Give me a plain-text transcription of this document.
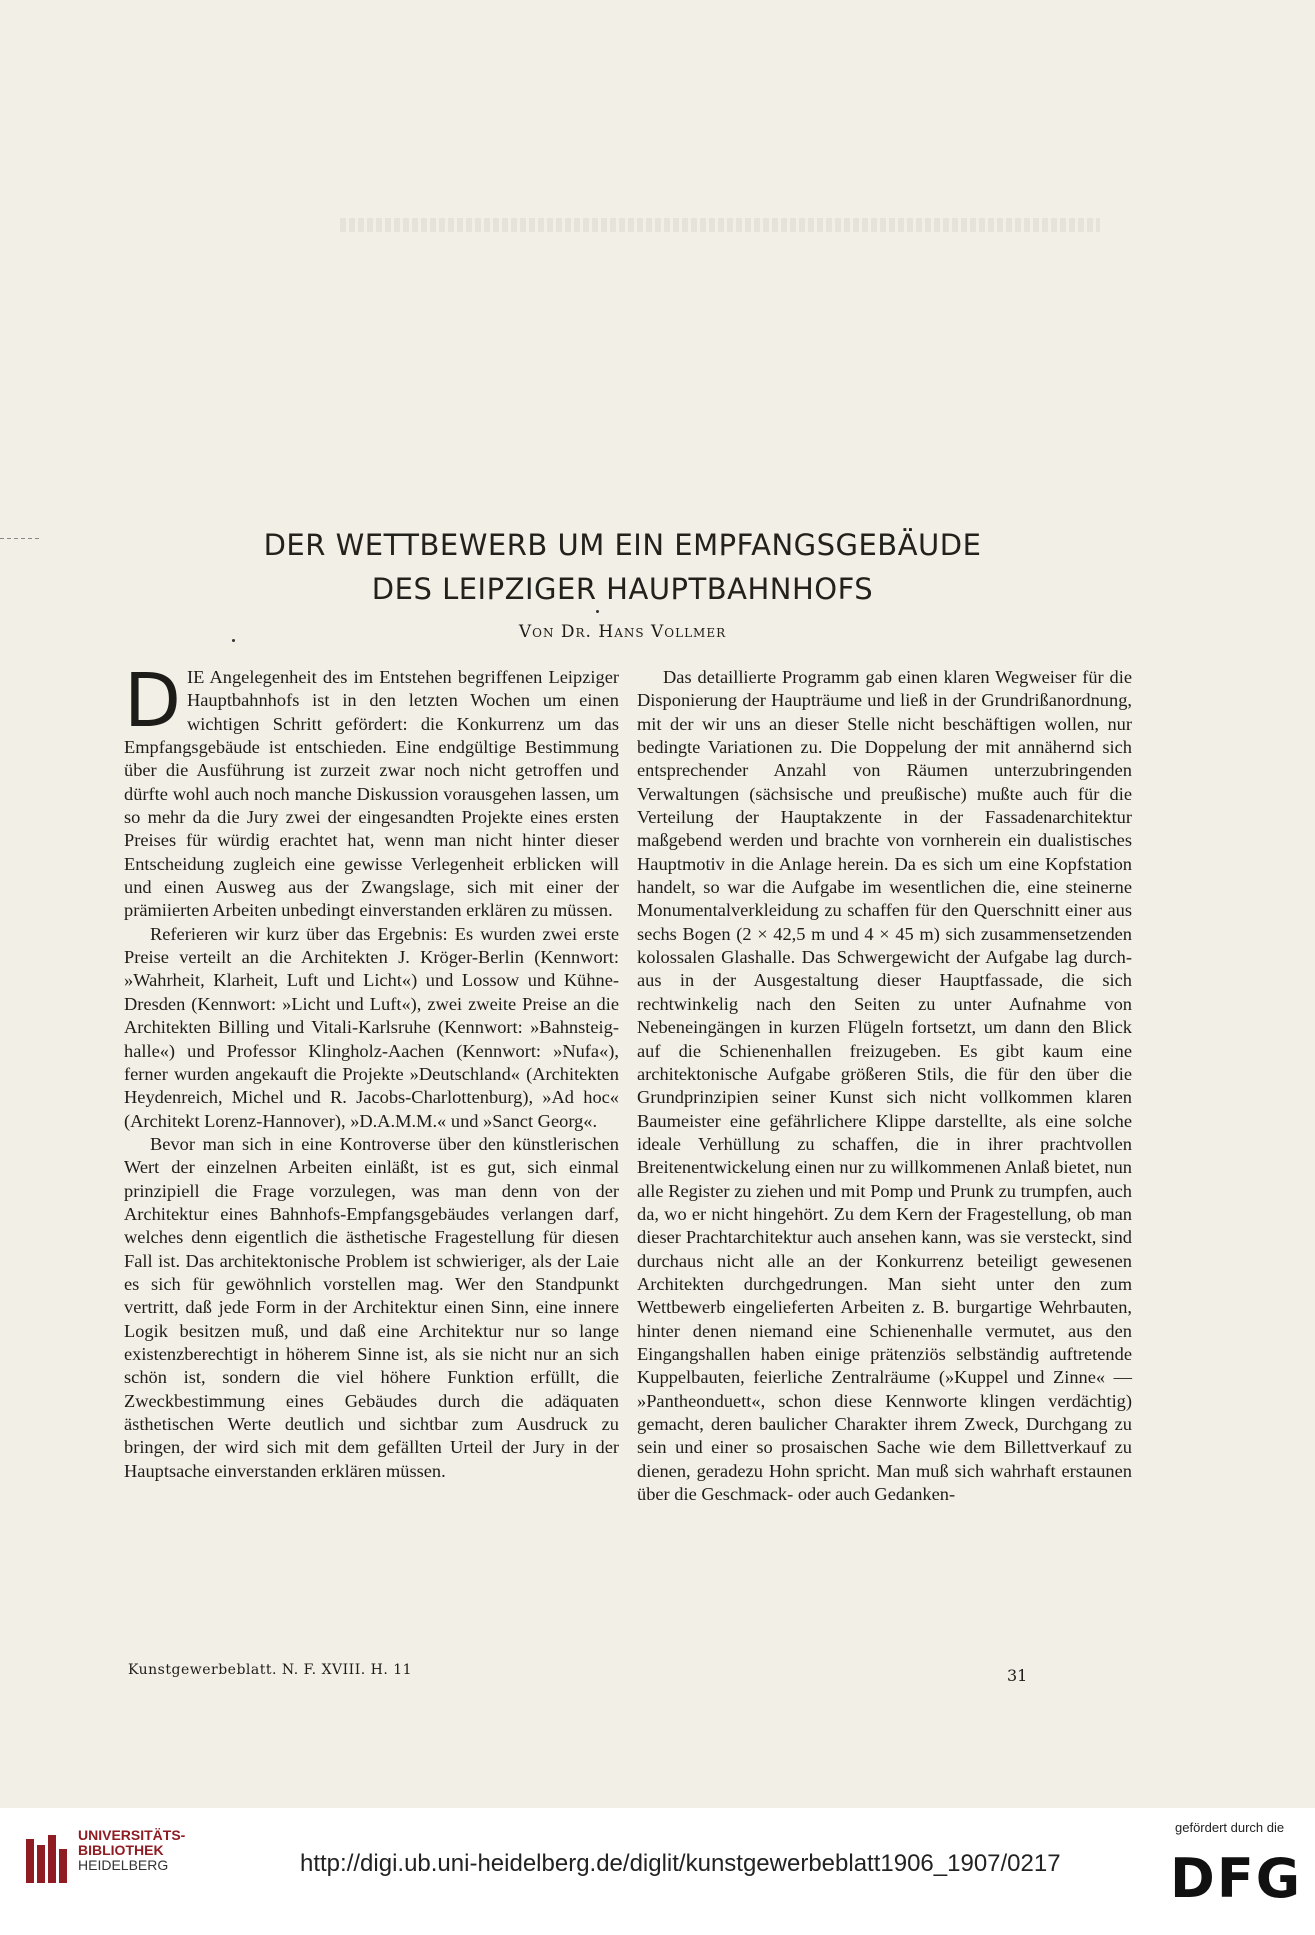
DER WETTBEWERB UM EIN EMPFANGSGEBÄUDE
DES LEIPZIGER HAUPTBAHNHOFS
Von Dr. Hans Vollmer

D IE Angelegenheit des im Entstehen begriffenen Leipziger Hauptbahnhofs ist in den letzten Wochen um einen wichtigen Schritt gefördert: die Konkurrenz um das Empfangsgebäude ist entschieden. Eine endgültige Bestimmung über die Ausführung ist zurzeit zwar noch nicht getroffen und dürfte wohl auch noch manche Diskussion vorausgehen lassen, um so mehr da die Jury zwei der eingesandten Projekte eines ersten Preises für würdig erachtet hat, wenn man nicht hinter dieser Entscheidung zugleich eine gewisse Verlegenheit erblicken will und einen Ausweg aus der Zwangslage, sich mit einer der prämiierten Arbeiten unbedingt einverstanden erklären zu müssen.

Referieren wir kurz über das Ergebnis: Es wurden zwei erste Preise verteilt an die Architekten J. Kröger-Berlin (Kennwort: »Wahrheit, Klarheit, Luft und Licht«) und Lossow und Kühne-Dresden (Kennwort: »Licht und Luft«), zwei zweite Preise an die Architekten Billing und Vitali-Karlsruhe (Kennwort: »Bahnsteighalle«) und Professor Klingholz-Aachen (Kennwort: »Nufa«), ferner wurden angekauft die Projekte »Deutschland« (Architekten Heydenreich, Michel und R. Jacobs-Charlottenburg), »Ad hoc« (Architekt Lorenz-Hannover), »D.A.M.M.« und »Sanct Georg«.

Bevor man sich in eine Kontroverse über den künstlerischen Wert der einzelnen Arbeiten einläßt, ist es gut, sich einmal prinzipiell die Frage vorzulegen, was man denn von der Architektur eines Bahnhofs-Empfangsgebäudes verlangen darf, welches denn eigentlich die ästhetische Fragestellung für diesen Fall ist. Das architektonische Problem ist schwieriger, als der Laie es sich für gewöhnlich vorstellen mag. Wer den Standpunkt vertritt, daß jede Form in der Architektur einen Sinn, eine innere Logik besitzen muß, und daß eine Architektur nur so lange existenzberechtigt in höherem Sinne ist, als sie nicht nur an sich schön ist, sondern die viel höhere Funktion erfüllt, die Zweckbestimmung eines Gebäudes durch die adäquaten ästhetischen Werte deutlich und sichtbar zum Ausdruck zu bringen, der wird sich mit dem gefällten Urteil der Jury in der Hauptsache einverstanden erklären müssen.

Das detaillierte Programm gab einen klaren Wegweiser für die Disponierung der Haupträume und ließ in der Grundrißanordnung, mit der wir uns an dieser Stelle nicht beschäftigen wollen, nur bedingte Variationen zu. Die Doppelung der mit annähernd sich entsprechender Anzahl von Räumen unterzubringenden Verwaltungen (sächsische und preußische) mußte auch für die Verteilung der Hauptakzente in der Fassadenarchitektur maßgebend werden und brachte von vornherein ein dualistisches Hauptmotiv in die Anlage herein. Da es sich um eine Kopfstation handelt, so war die Aufgabe im wesentlichen die, eine steinerne Monumentalverkleidung zu schaffen für den Querschnitt einer aus sechs Bogen (2 × 42,5 m und 4 × 45 m) sich zusammensetzenden kolossalen Glashalle. Das Schwergewicht der Aufgabe lag durchaus in der Ausgestaltung dieser Hauptfassade, die sich rechtwinkelig nach den Seiten zu unter Aufnahme von Nebeneingängen in kurzen Flügeln fortsetzt, um dann den Blick auf die Schienenhallen freizugeben. Es gibt kaum eine architektonische Aufgabe größeren Stils, die für den über die Grundprinzipien seiner Kunst sich nicht vollkommen klaren Baumeister eine gefährlichere Klippe darstellte, als eine solche ideale Verhüllung zu schaffen, die in ihrer prachtvollen Breitenentwickelung einen nur zu willkommenen Anlaß bietet, nun alle Register zu ziehen und mit Pomp und Prunk zu trumpfen, auch da, wo er nicht hingehört. Zu dem Kern der Fragestellung, ob man dieser Prachtarchitektur auch ansehen kann, was sie versteckt, sind durchaus nicht alle an der Konkurrenz beteiligt gewesenen Architekten durchgedrungen. Man sieht unter den zum Wettbewerb eingelieferten Arbeiten z. B. burgartige Wehrbauten, hinter denen niemand eine Schienenhalle vermutet, aus den Eingangshallen haben einige prätenziös selbständig auftretende Kuppelbauten, feierliche Zentralräume (»Kuppel und Zinne« — »Pantheonduett«, schon diese Kennworte klingen verdächtig) gemacht, deren baulicher Charakter ihrem Zweck, Durchgang zu sein und einer so prosaischen Sache wie dem Billettverkauf zu dienen, geradezu Hohn spricht. Man muß sich wahrhaft erstaunen über die Geschmack- oder auch Gedanken-

Kunstgewerbeblatt. N. F. XVIII. H. 11	31
UNIVERSITÄTS-
BIBLIOTHEK
HEIDELBERG	http://digi.ub.uni-heidelberg.de/diglit/kunstgewerbeblatt1906_1907/0217
gefördert durch die
DFG
